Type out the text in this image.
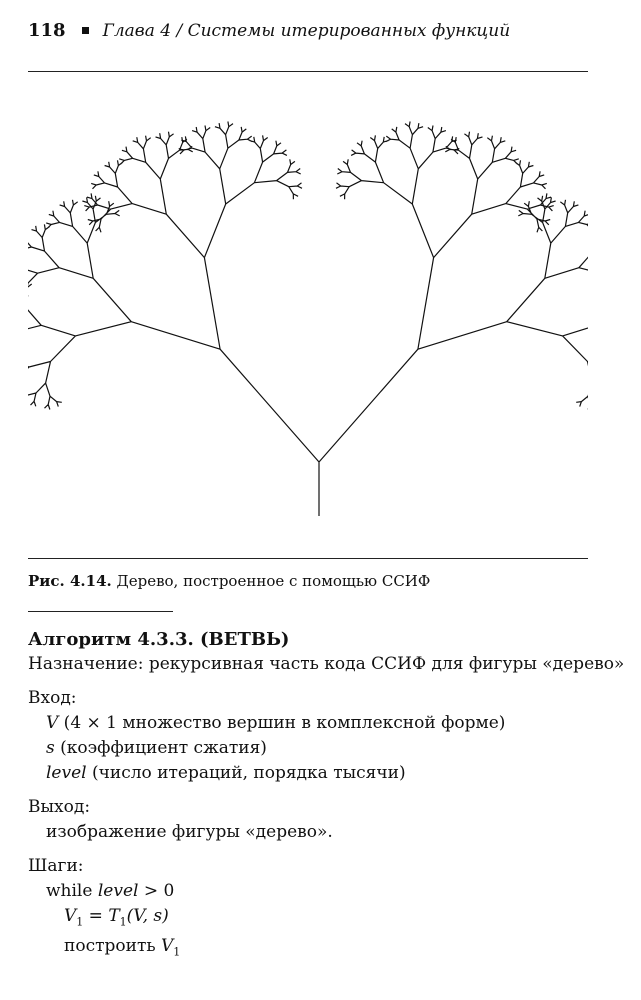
118 Глава 4 / Системы итерированных функций
Рис. 4.14. Дерево, построенное с помощью ССИФ
Алгоритм 4.3.3. (ВЕТВЬ)
Назначение: рекурсивная часть кода ССИФ для фигуры «дерево»
Вход:
V (4 × 1 множество вершин в комплексной форме)
s (коэффициент сжатия)
level (число итераций, порядка тысячи)
Выход:
изображение фигуры «дерево».
Шаги:
while level > 0
$V_1 = T_1(V$, s)
построить $V_1$
